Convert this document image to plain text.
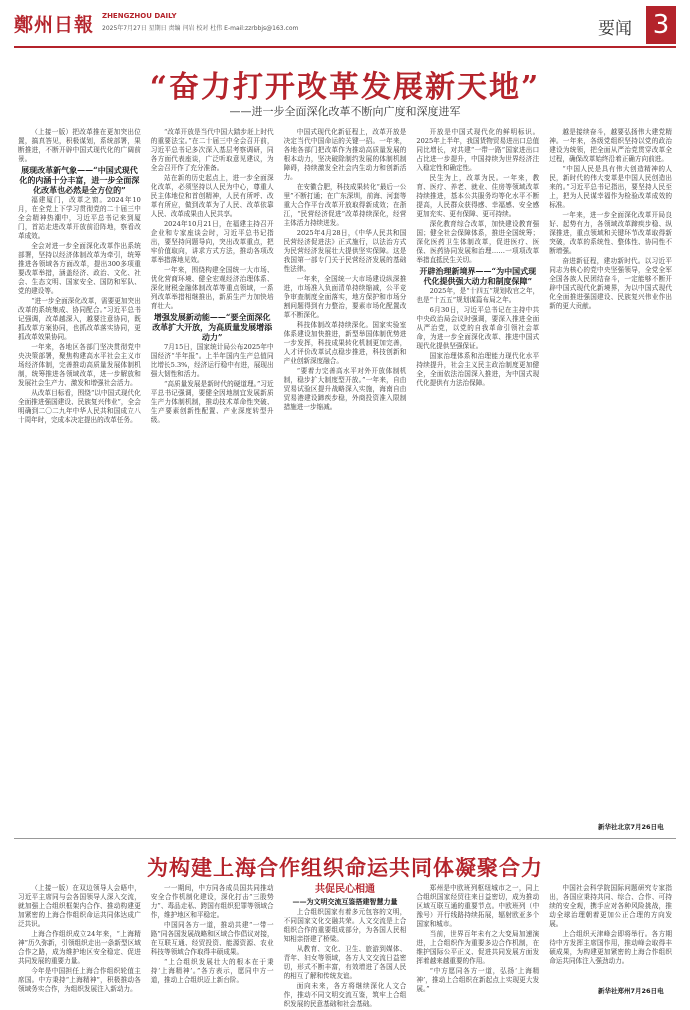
鄭州日報 ZHENGZHOU DAILY
2025年7月27日 星期日 责编 闫岩 校对 杜伟 E-mail:zzrbbjs@163.com	要闻 3
“奋力打开改革发展新天地”
——进一步全面深化改革不断向广度和深度进军

（上接一版）把改革推在更加突出位置，搞真答见，积极谋划，系统部署，果断推进，不断开辟中国式现代化的广阔前景。

展现改革新气象——“中国式现代化的内涵十分丰富，进一步全面深化改革也必然是全方位的”

福建厦门，改革之窗。2024年10月，在全党上下学习贯彻党的二十届三中全会精神热潮中，习近平总书记来到厦门，首站走进改革开放前沿阵地，察看改革成效。

全会对进一步全面深化改革作出系统部署，坚持以经济体制改革为牵引，统筹推进各领域各方面改革，提出300多项重要改革举措，涵盖经济、政治、文化、社会、生态文明、国家安全、国防和军队、党的建设等。

“进一步全面深化改革，需要更加突出改革的系统集成、协同配合。”习近平总书记强调，改革越深入，越要注意协同，既抓改革方案协同，也抓改革落实协同，更抓改革效果协同。

一年来，各地区各部门坚决贯彻党中央决策部署，聚焦构建高水平社会主义市场经济体制，完善推动高质量发展体制机制，统筹推进各领域改革，进一步解放和发展社会生产力、激发和增强社会活力。

从改革目标看，围绕“以中国式现代化全面推进强国建设、民族复兴伟业”，全会明确到二〇二九年中华人民共和国成立八十周年时，完成本决定提出的改革任务。

“改革开放是当代中国大踏步赶上时代的重要法宝。”在二十届三中全会召开前，习近平总书记多次深入基层考察调研，同各方面代表座谈，广泛听取意见建议，为全会召开作了充分准备。

站在新的历史起点上，进一步全面深化改革，必须坚持以人民为中心，尊重人民主体地位和首创精神，人民有所呼、改革有所应，做到改革为了人民、改革依靠人民、改革成果由人民共享。

2024年10月21日，在福建主持召开企业和专家座谈会时，习近平总书记指出，要坚持问题导向，突出改革重点，把牢价值取向，讲求方式方法，推动各项改革举措落地见效。

一年来，围绕构建全国统一大市场、优化营商环境、健全宏观经济治理体系、深化财税金融体制改革等重点领域，一系列改革举措相继推出，新质生产力加快培育壮大。

增强发展新动能——“要全面深化改革扩大开放，为高质量发展增添动力”

7月15日，国家统计局公布2025年中国经济“半年报”。上半年国内生产总值同比增长5.3%，经济运行稳中有进，展现出强大韧性和活力。

“高质量发展是新时代的硬道理。”习近平总书记强调，要健全因地制宜发展新质生产力体制机制，推动技术革命性突破、生产要素创新性配置、产业深度转型升级。

中国式现代化新征程上，改革开放是决定当代中国命运的关键一招。一年来，各地各部门把改革作为推动高质量发展的根本动力，坚决破除制约发展的体制机制障碍，持续激发全社会内生动力和创新活力。

在安徽合肥，科技成果转化“最后一公里”不断打通；在广东深圳，前海、河套等重大合作平台改革开放取得新成效；在浙江，“民营经济促进”改革持续深化，经营主体活力持续迸发。

2025年4月28日，《中华人民共和国民营经济促进法》正式施行，以法治方式为民营经济发展壮大提供坚实保障。这是我国第一部专门关于民营经济发展的基础性法律。

一年来，全国统一大市场建设纵深推进，市场准入负面清单持续缩减，公平竞争审查制度全面落实，地方保护和市场分割问题得到有力整治，要素市场化配置改革不断深化。

科技体制改革持续深化。国家实验室体系建设加快推进，新型举国体制优势进一步发挥，科技成果转化机制更加完善，人才评价改革试点稳步推进，科技创新和产业创新深度融合。

“要着力完善高水平对外开放体制机制，稳步扩大制度型开放。”一年来，自由贸易试验区提升战略深入实施，海南自由贸易港建设蹄疾步稳，外商投资准入限制措施进一步缩减。

开放是中国式现代化的鲜明标识。2025年上半年，我国货物贸易进出口总值同比增长，对共建“一带一路”国家进出口占比进一步提升，中国持续为世界经济注入稳定性和确定性。

民生为上，改革为民。一年来，教育、医疗、养老、就业、住房等领域改革持续推进，基本公共服务均等化水平不断提高，人民群众获得感、幸福感、安全感更加充实、更有保障、更可持续。

深化教育综合改革，加快建设教育强国；健全社会保障体系，推进全国统筹；深化医药卫生体制改革，促进医疗、医保、医药协同发展和治理……一项项改革举措直抵民生关切。

开辟治理新境界——“为中国式现代化提供强大动力和制度保障”

2025年，是“十四五”规划收官之年，也是“十五五”规划谋篇布局之年。

6月30日，习近平总书记在主持中共中央政治局会议时强调，要深入推进全面从严治党，以党的自我革命引领社会革命，为进一步全面深化改革、推进中国式现代化提供坚强保证。

国家治理体系和治理能力现代化水平持续提升，社会主义民主政治制度更加健全，全面依法治国深入推进，为中国式现代化提供有力法治保障。

越是接续奋斗，越要弘扬伟大建党精神。一年来，各级党组织坚持以党的政治建设为统领，把全面从严治党贯穿改革全过程，确保改革始终沿着正确方向前进。

“中国人民是具有伟大创造精神的人民，新时代的伟大变革是中国人民创造出来的。”习近平总书记指出，要坚持人民至上，把为人民谋幸福作为检验改革成效的标准。

一年来，进一步全面深化改革开局良好、起势有力，各领域改革蹄疾步稳、纵深推进，重点领域和关键环节改革取得新突破，改革的系统性、整体性、协同性不断增强。

奋进新征程，建功新时代。以习近平同志为核心的党中央坚强领导，全党全军全国各族人民团结奋斗，一定能够不断开辟中国式现代化新境界，为以中国式现代化全面推进强国建设、民族复兴伟业作出新的更大贡献。

新华社北京7月26日电
为构建上海合作组织命运共同体凝聚合力

（上接一版）在双边领导人会晤中，习近平主席同与会各国领导人深入交流，就加强上合组织框架内合作、推动构建更加紧密的上海合作组织命运共同体达成广泛共识。

上海合作组织成立24年来，“上海精神”历久弥新，引领组织走出一条新型区域合作之路，成为维护地区安全稳定、促进共同发展的重要力量。

今年是中国担任上海合作组织轮值主席国。中方秉持“上海精神”，积极推动各领域务实合作，为组织发展注入新动力。

一一期间，中方同各成员国共同推动安全合作机制化建设，深化打击“三股势力”、毒品走私、跨国有组织犯罪等领域合作，维护地区和平稳定。

中国同各方一道，推动共建“一带一路”同各国发展战略和区域合作倡议对接，在互联互通、经贸投资、能源资源、农业科技等领域合作取得丰硕成果。

“上合组织发展壮大的根本在于秉持‘上海精神’。”各方表示，愿同中方一道，推动上合组织迈上新台阶。

共促民心相通

——为文明交流互鉴搭建智慧力量

上合组织国家有着多元包容的文明，不同国家文化交融共荣。人文交流是上合组织合作的重要组成部分，为各国人民相知相亲搭建了桥梁。

从教育、文化、卫生、旅游到媒体、青年、妇女等领域，各方人文交流日益密切，形式不断丰富，有效增进了各国人民的相互了解和传统友谊。

面向未来，各方将继续深化人文合作，推动不同文明交流互鉴，筑牢上合组织发展的民意基础和社会基础。

郑州是中欧班列枢纽城市之一，同上合组织国家经贸往来日益密切，成为推动区域互联互通的重要节点。中欧班列（中豫号）开行线路持续拓展，辐射欧亚多个国家和城市。

当前，世界百年未有之大变局加速演进，上合组织作为重要多边合作机制，在维护国际公平正义、促进共同发展方面发挥着越来越重要的作用。

“中方愿同各方一道，弘扬‘上海精神’，推动上合组织在新起点上实现更大发展。”

中国社会科学院国际问题研究专家指出，各国应秉持共同、综合、合作、可持续的安全观，携手应对各种风险挑战，推动全球治理朝着更加公正合理的方向发展。

上合组织天津峰会即将举行。各方期待中方发挥主席国作用，推动峰会取得丰硕成果，为构建更加紧密的上海合作组织命运共同体注入强劲动力。

新华社郑州7月26日电
